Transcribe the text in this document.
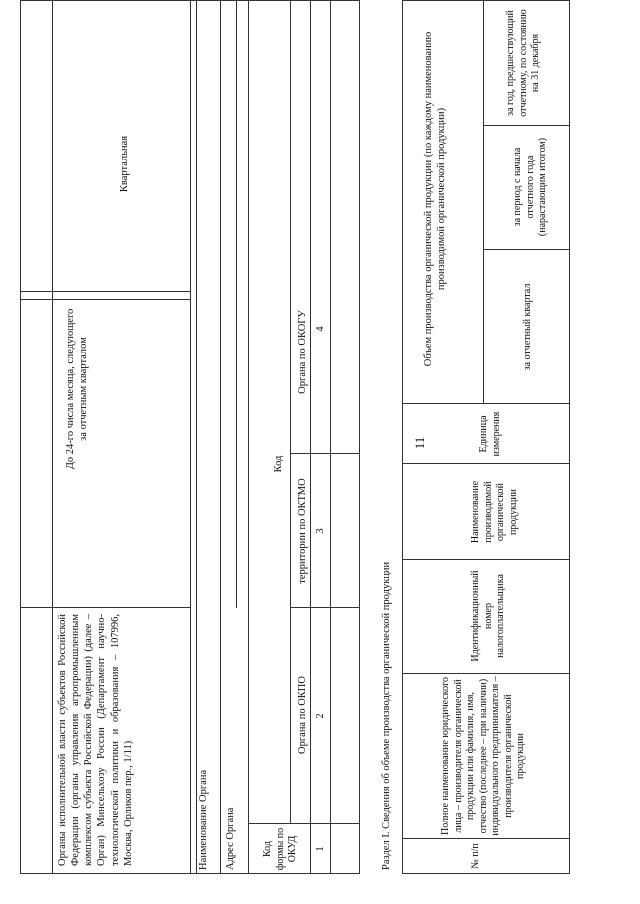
11
Органы исполнительной власти субъектов Российской Федерации (органы управления агропромышленным комплексом субъекта Российской Федерации) (далее – Орган) Минсельхозу России (Департамент научно-технологической политики и образования – 107996, Москва, Орликов пер., 1/11)
До 24-го числа месяца, следующего за отчетным кварталом
Квартальная
Наименование Органа Адрес Органа
Код
Код формы по ОКУД
Органа по ОКПО
территории по ОКТМО
Органа по ОКОГУ
1
2
3
4
Раздел I. Сведения об объеме производства органической продукции	№ п/п
Полное наименование юридического лица – производителя органической продукции или фамилия, имя, отчество (последнее – при наличии) индивидуального предпринимателя – производителя органической продукции
Идентификационный номер налогоплательщика
Наименование производимой органической продукции
Единица измерения
Объем производства органической продукции (по каждому наименованию производимой органической продукции)
за отчетный квартал
за период с начала отчетного года (нарастающим итогом)
за год, предшествующий отчетному, по состоянию на 31 декабря
